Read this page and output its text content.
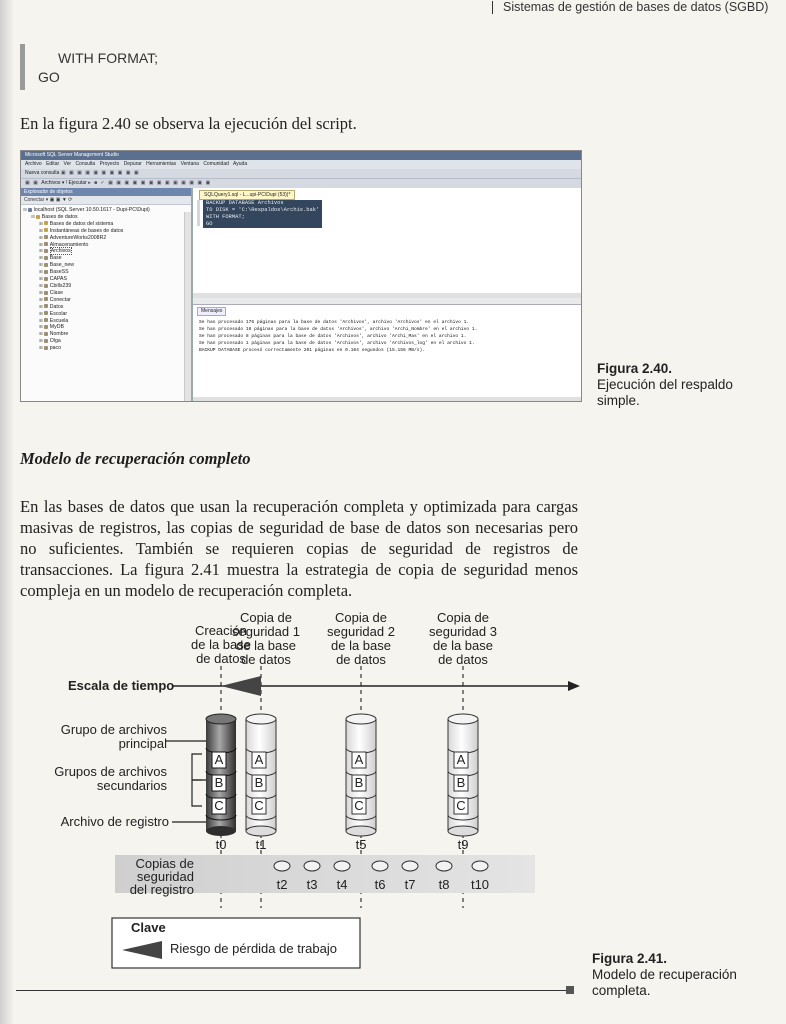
Sistemas de gestión de bases de datos (SGBD)
WITH FORMAT;
GO
En la figura 2.40 se observa la ejecución del script.
Microsoft SQL Server Management Studio
Archivo Editar Ver Consulta Proyecto Depurar Herramientas Ventana Comunidad Ayuda
Nueva consulta ▣ ▣ ▣ ▣ ▣ ▣ ▣ ▣ ▣ ▣
▣ ▣ Archivos ▾ ! Ejecutar ▸ ■ ✓ ▣ ▣ ▣ ▣ ▣ ▣ ▣ ▣ ▣ ▣ ▣ ▣ ▣
Explorador de objetos
Conectar ▾ ▣ ▣ ▼ ⟳
⊟ localhost (SQL Server 10.50.1617 - Dupi-PC\Dupi)
⊟ Bases de datos
⊞ Bases de datos del sistema
⊞ Instantáneas de bases de datos
⊞ AdventureWorks2008R2
⊞ Almacenamiento
⊞ Archivos
⊞ Base
⊞ Base_new
⊞ BaseSS
⊞ CAPAS
⊞ Cbills239
⊞ Clase
⊞ Conectar
⊞ Datos
⊞ Escolar
⊞ Escuela
⊞ MyDB
⊞ Nombre
⊞ Olga
⊞ paco
SQLQuery1.sql - L...upi-PC\Dupi (53))*
BACKUP DATABASE Archivos
TO DISK = 'C:\Respaldos\Archis.bak'
WITH FORMAT;
GO
Mensajes
Se han procesado 176 páginas para la base de datos 'Archivos', archivo 'Archivos' en el archivo 1.
Se han procesado 16 páginas para la base de datos 'Archivos', archivo 'Archi_Nombre' en el archivo 1.
Se han procesado 8 páginas para la base de datos 'Archivos', archivo 'Archi_Mas' en el archivo 1.
Se han procesado 1 páginas para la base de datos 'Archivos', archivo 'Archivos_log' en el archivo 1.
BACKUP DATABASE procesó correctamente 201 páginas en 0.104 segundos (15.156 MB/s).
Figura 2.40.
Ejecución del respaldo simple.
Modelo de recuperación completo
En las bases de datos que usan la recuperación completa y optimizada para cargas masivas de registros, las copias de seguridad de base de datos son necesarias pero no suficientes. También se requieren copias de seguridad de registros de transacciones. La figura 2.41 muestra la estrategia de copia de seguridad menos compleja en un modelo de recuperación completa.
Creación
de la base
de datos
Copia de
seguridad 1
de la base
de datos
Copia de
seguridad 2
de la base
de datos
Copia de
seguridad 3
de la base
de datos
Escala de tiempo
Grupo de archivos
principal
Grupos de archivos
secundarios
Archivo de registro
A
B
C
A
B
C
A
B
C
A
B
C
t0	t1	t5	t9
Copias de
seguridad
del registro	t2	t3	t4	t6	t7	t8	t10
Clave
Riesgo de pérdida de trabajo
Figura 2.41.
Modelo de recuperación completa.
